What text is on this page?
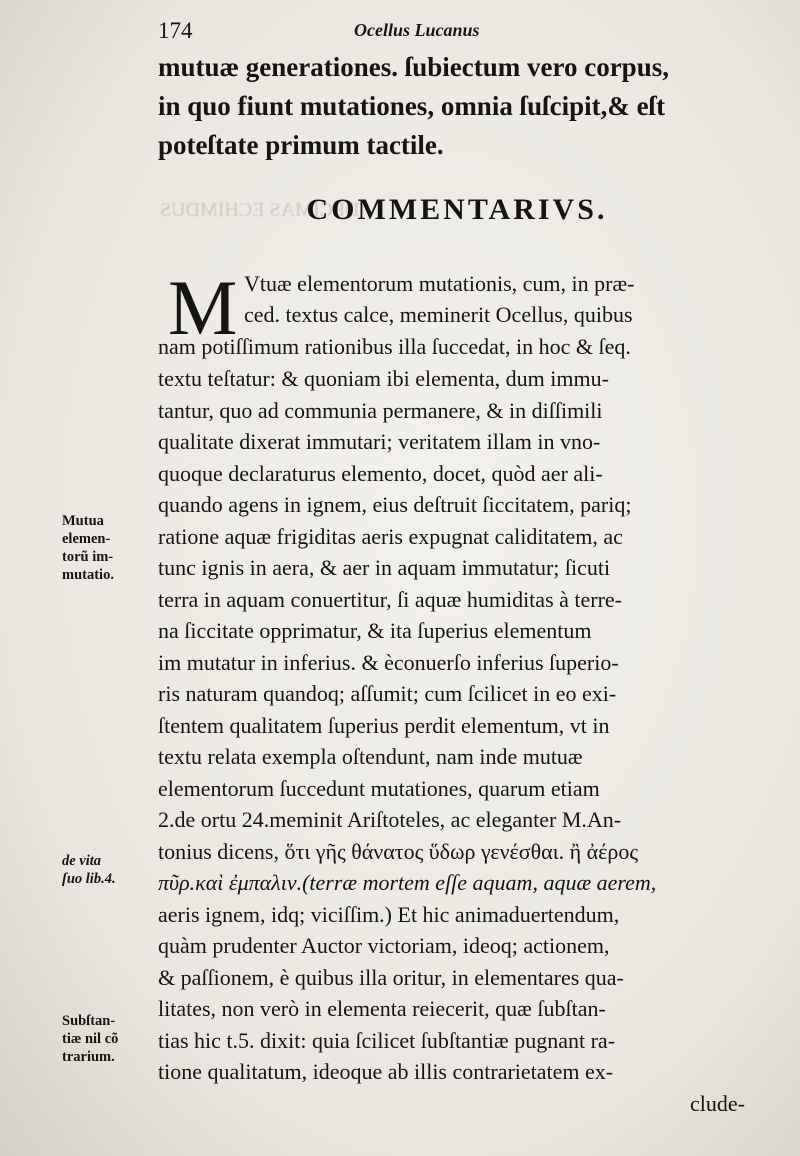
DECIMAS ECHIMDUS

174	Ocellus Lucanus
mutuæ generationes. ſubiectum vero corpus,
in quo fiunt mutationes, omnia ſuſcipit,& eſt
poteſtate primum tactile.
COMMENTARIVS.
M Vtuæ elementorum mutationis, cum, in præ-
ced. textus calce, meminerit Ocellus, quibus
nam potiſſimum rationibus illa ſuccedat, in hoc & ſeq.
textu teſtatur: & quoniam ibi elementa, dum immu-
tantur, quo ad communia permanere, & in diſſimili
qualitate dixerat immutari; veritatem illam in vno-
quoque declaraturus elemento, docet, quòd aer ali-
quando agens in ignem, eius deſtruit ſiccitatem, pariq;
ratione aquæ frigiditas aeris expugnat caliditatem, ac
tunc ignis in aera, & aer in aquam immutatur; ſicuti
terra in aquam conuertitur, ſi aquæ humiditas à terre-
na ſiccitate opprimatur, & ita ſuperius elementum
im mutatur in inferius. & èconuerſo inferius ſuperio-
ris naturam quandoq; aſſumit; cum ſcilicet in eo exi-
ſtentem qualitatem ſuperius perdit elementum, vt in
textu relata exempla oſtendunt, nam inde mutuæ
elementorum ſuccedunt mutationes, quarum etiam
2.de ortu 24.meminit Ariſtoteles, ac eleganter M.An-
tonius dicens, ὅτι γῆς θάνατος ὕδωρ γενέσθαι. ἢ ἀέρος
πῦρ.καὶ ἐμπαλιν.(terræ mortem eſſe aquam, aquæ aerem,
aeris ignem, idq; viciſſim.) Et hic animaduertendum,
quàm prudenter Auctor victoriam, ideoq; actionem,
& paſſionem, è quibus illa oritur, in elementares qua-
litates, non verò in elementa reiecerit, quæ ſubſtan-
tias hic t.5. dixit: quia ſcilicet ſubſtantiæ pugnant ra-
tione qualitatum, ideoque ab illis contrarietatem ex-
clude-
Mutua
elemen-
torũ im-
mutatio.
de vita
ſuo lib.4.
Subſtan-
tiæ nil cõ
trarium.
